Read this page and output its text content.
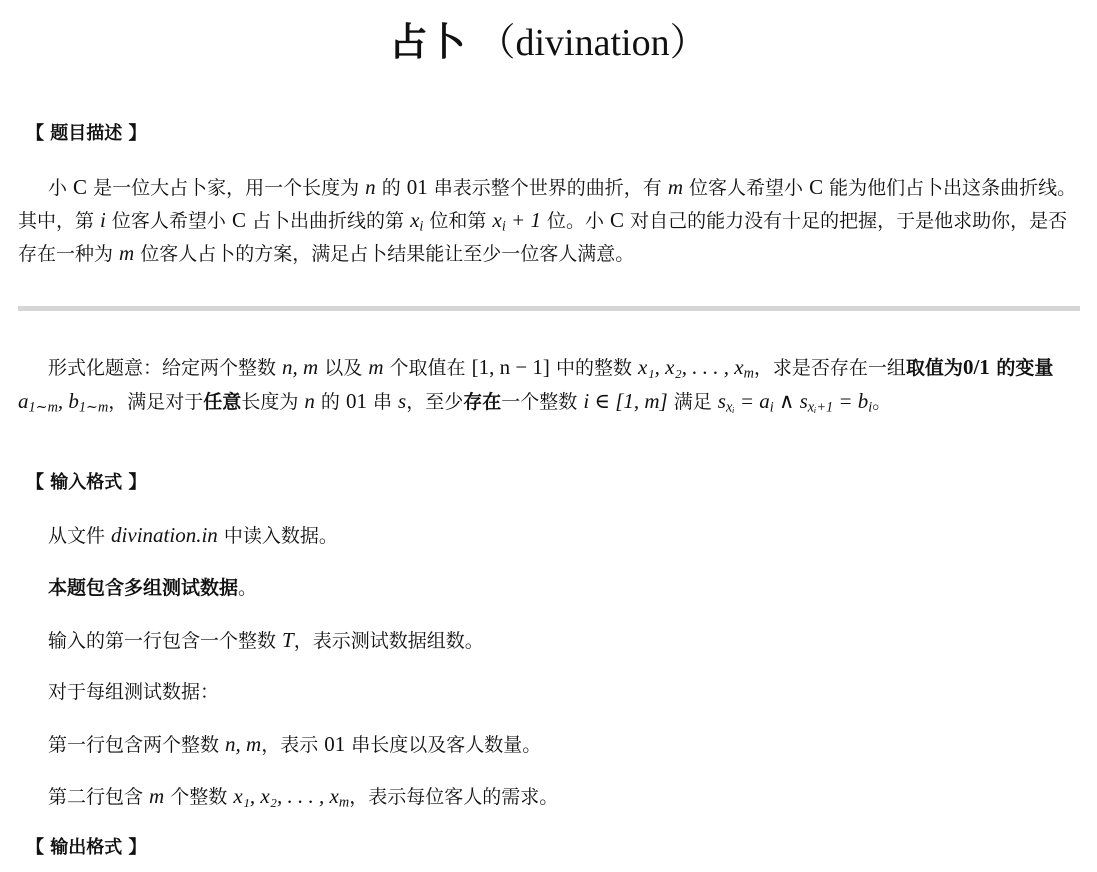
占卜 （divination）
【 题目描述 】
小 C 是一位大占卜家，用一个长度为 n 的 01 串表示整个世界的曲折，有 m 位客人希望小 C 能为他们占卜出这条曲折线。其中，第 i 位客人希望小 C 占卜出曲折线的第 $x_i$ 位和第 $x_i + 1$ 位。小 C 对自己的能力没有十足的把握，于是他求助你，是否存在一种为 m 位客人占卜的方案，满足占卜结果能让至少一位客人满意。
形式化题意：给定两个整数 n, m 以及 m 个取值在 [1, n − 1] 中的整数 x₁, x₂, . . . , $x_m$，求是否存在一组取值为0/1 的变量 $a_{1\sim m}$, $b_{1\sim m}$，满足对于任意长度为 n 的 01 串 s，至少存在一个整数 i ∈ [1, m] 满足 $s_{xᵢ} = a_i$ ∧ $s_{xᵢ+1} = b_i$。
【 输入格式 】
从文件 divination.in 中读入数据。
本题包含多组测试数据。
输入的第一行包含一个整数 T，表示测试数据组数。
对于每组测试数据：
第一行包含两个整数 n, m，表示 01 串长度以及客人数量。
第二行包含 m 个整数 x₁, x₂, . . . , $x_m$，表示每位客人的需求。
【 输出格式 】
